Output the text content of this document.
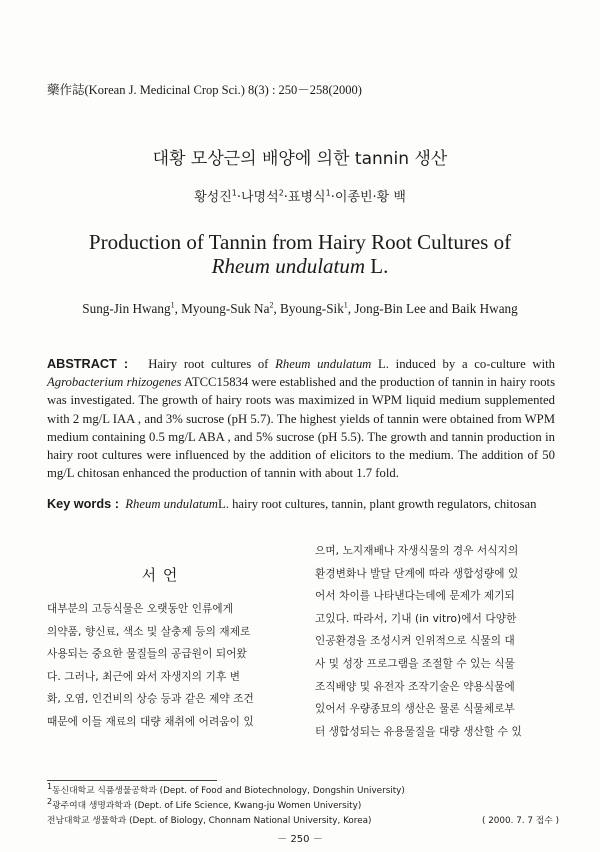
藥作誌(Korean J. Medicinal Crop Sci.) 8(3) : 250－258(2000)
대황 모상근의 배양에 의한 tannin 생산
황성진$^1$·나명석$^2$·표병식$^1$·이종빈·황 백
Production of Tannin from Hairy Root Cultures of
Rheum undulatum L.
Sung-Jin Hwang$^1$, Myoung-Suk Na$^2$, Byoung-Sik$^1$, Jong-Bin Lee and Baik Hwang
ABSTRACT : Hairy root cultures of Rheum undulatum L. induced by a co-culture with Agrobacterium rhizogenes ATCC15834 were established and the production of tannin in hairy roots was investigated. The growth of hairy roots was maximized in WPM liquid medium supplemented with 2 mg/L IAA , and 3% sucrose (pH 5.7). The highest yields of tannin were obtained from WPM medium containing 0.5 mg/L ABA , and 5% sucrose (pH 5.5). The growth and tannin production in hairy root cultures were influenced by the addition of elicitors to the medium. The addition of 50 mg/L chitosan enhanced the production of tannin with about 1.7 fold.
Key words : Rheum undulatumL. hairy root cultures, tannin, plant growth regulators, chitosan
서 언
대부분의 고등식물은 오랫동안 인류에게
의약품, 향신료, 색소 및 살충제 등의 재제로
사용되는 중요한 물질들의 공급원이 되어왔
다. 그러나, 최근에 와서 자생지의 기후 변
화, 오염, 인건비의 상승 등과 같은 제약 조건
때문에 이들 재료의 대량 채취에 어려움이 있
으며, 노지재배나 자생식물의 경우 서식지의
환경변화나 발달 단계에 따라 생합성량에 있
어서 차이를 나타낸다는데에 문제가 제기되
고있다. 따라서, 기내 (in vitro)에서 다양한
인공환경을 조성시켜 인위적으로 식물의 대
사 및 성장 프로그램을 조절할 수 있는 식물
조직배양 및 유전자 조작기술은 약용식물에
있어서 우량종묘의 생산은 물론 식물체로부
터 생합성되는 유용물질을 대량 생산할 수 있
$^1$동신대학교 식품생물공학과 (Dept. of Food and Biotechnology, Dongshin University)
$^2$광주여대 생명과학과 (Dept. of Life Science, Kwang-ju Women University)
전남대학교 생물학과 (Dept. of Biology, Chonnam National University, Korea)	( 2000. 7. 7 접수 )
－ 250 －
